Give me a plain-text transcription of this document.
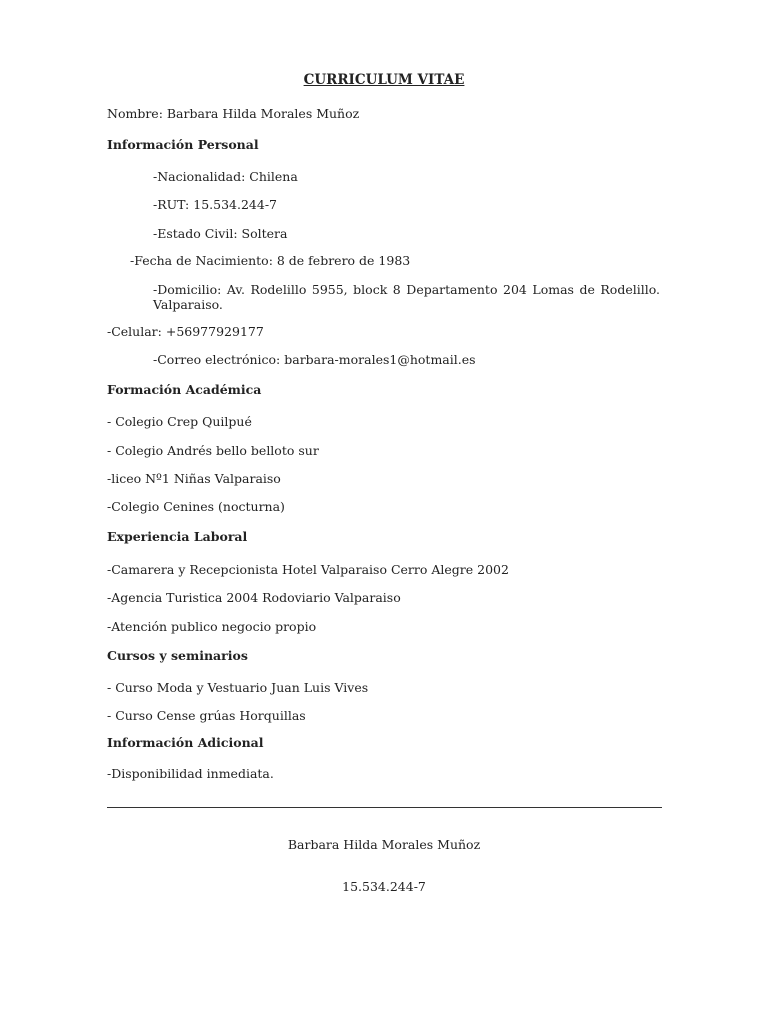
CURRICULUM VITAE
Nombre: Barbara Hilda Morales Muñoz
Información Personal
-Nacionalidad: Chilena
-RUT: 15.534.244-7
-Estado Civil: Soltera
-Fecha de Nacimiento: 8 de febrero de 1983
-Domicilio: Av. Rodelillo 5955, block 8 Departamento 204 Lomas de Rodelillo. Valparaiso.
-Celular: +56977929177
-Correo electrónico: barbara-morales1@hotmail.es
Formación Académica
- Colegio Crep Quilpué
- Colegio Andrés bello belloto sur
-liceo Nº1 Niñas Valparaiso
-Colegio Cenines (nocturna)
Experiencia Laboral
-Camarera y Recepcionista Hotel Valparaiso Cerro Alegre 2002
-Agencia Turistica 2004 Rodoviario Valparaiso
-Atención publico negocio propio
Cursos y seminarios
- Curso Moda y Vestuario Juan Luis Vives
- Curso Cense grúas Horquillas
Información Adicional
-Disponibilidad inmediata.
Barbara Hilda Morales Muñoz
15.534.244-7
